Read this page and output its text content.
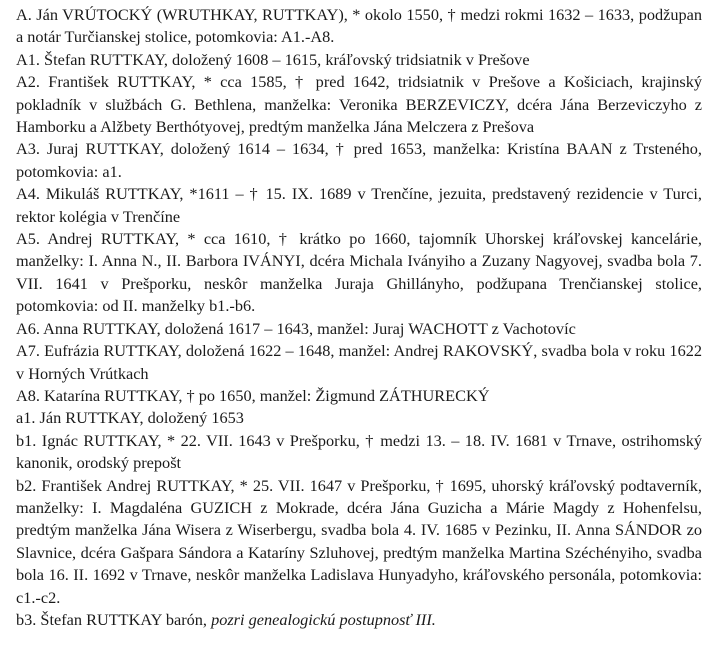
A. Ján VRÚTOCKÝ (WRUTHKAY, RUTTKAY), * okolo 1550, † medzi rokmi 1632 – 1633, podžupan a notár Turčianskej stolice, potomkovia: A1.-A8.

A1. Štefan RUTTKAY, doložený 1608 – 1615, kráľovský tridsiatnik v Prešove

A2. František RUTTKAY, * cca 1585, † pred 1642, tridsiatnik v Prešove a Košiciach, krajinský pokladník v službách G. Bethlena, manželka: Veronika BERZEVICZY, dcéra Jána Berzeviczyho z Hamborku a Alžbety Berthótyovej, predtým manželka Jána Melczera z Prešova

A3. Juraj RUTTKAY, doložený 1614 – 1634, † pred 1653, manželka: Kristína BAAN z Trsteného, potomkovia: a1.

A4. Mikuláš RUTTKAY, *1611 – † 15. IX. 1689 v Trenčíne, jezuita, predstavený rezidencie v Turci, rektor kolégia v Trenčíne

A5. Andrej RUTTKAY, * cca 1610, † krátko po 1660, tajomník Uhorskej kráľovskej kancelárie, manželky: I. Anna N., II. Barbora IVÁNYI, dcéra Michala Iványiho a Zuzany Nagyovej, svadba bola 7. VII. 1641 v Prešporku, neskôr manželka Juraja Ghillányho, podžupana Trenčianskej stolice, potomkovia: od II. manželky b1.-b6.

A6. Anna RUTTKAY, doložená 1617 – 1643, manžel: Juraj WACHOTT z Vachotovíc

A7. Eufrázia RUTTKAY, doložená 1622 – 1648, manžel: Andrej RAKOVSKÝ, svadba bola v roku 1622 v Horných Vrútkach

A8. Katarína RUTTKAY, † po 1650, manžel: Žigmund ZÁTHURECKÝ

a1. Ján RUTTKAY, doložený 1653

b1. Ignác RUTTKAY, * 22. VII. 1643 v Prešporku, † medzi 13. – 18. IV. 1681 v Trnave, ostrihomský kanonik, orodský prepošt

b2. František Andrej RUTTKAY, * 25. VII. 1647 v Prešporku, † 1695, uhorský kráľovský podtaverník, manželky: I. Magdaléna GUZICH z Mokrade, dcéra Jána Guzicha a Márie Magdy z Hohenfelsu, predtým manželka Jána Wisera z Wiserbergu, svadba bola 4. IV. 1685 v Pezinku, II. Anna SÁNDOR zo Slavnice, dcéra Gašpara Sándora a Kataríny Szluhovej, predtým manželka Martina Széchényiho, svadba bola 16. II. 1692 v Trnave, neskôr manželka Ladislava Hunyadyho, kráľovského personála, potomkovia: c1.-c2.

b3. Štefan RUTTKAY barón, pozri genealogickú postupnosť III.
